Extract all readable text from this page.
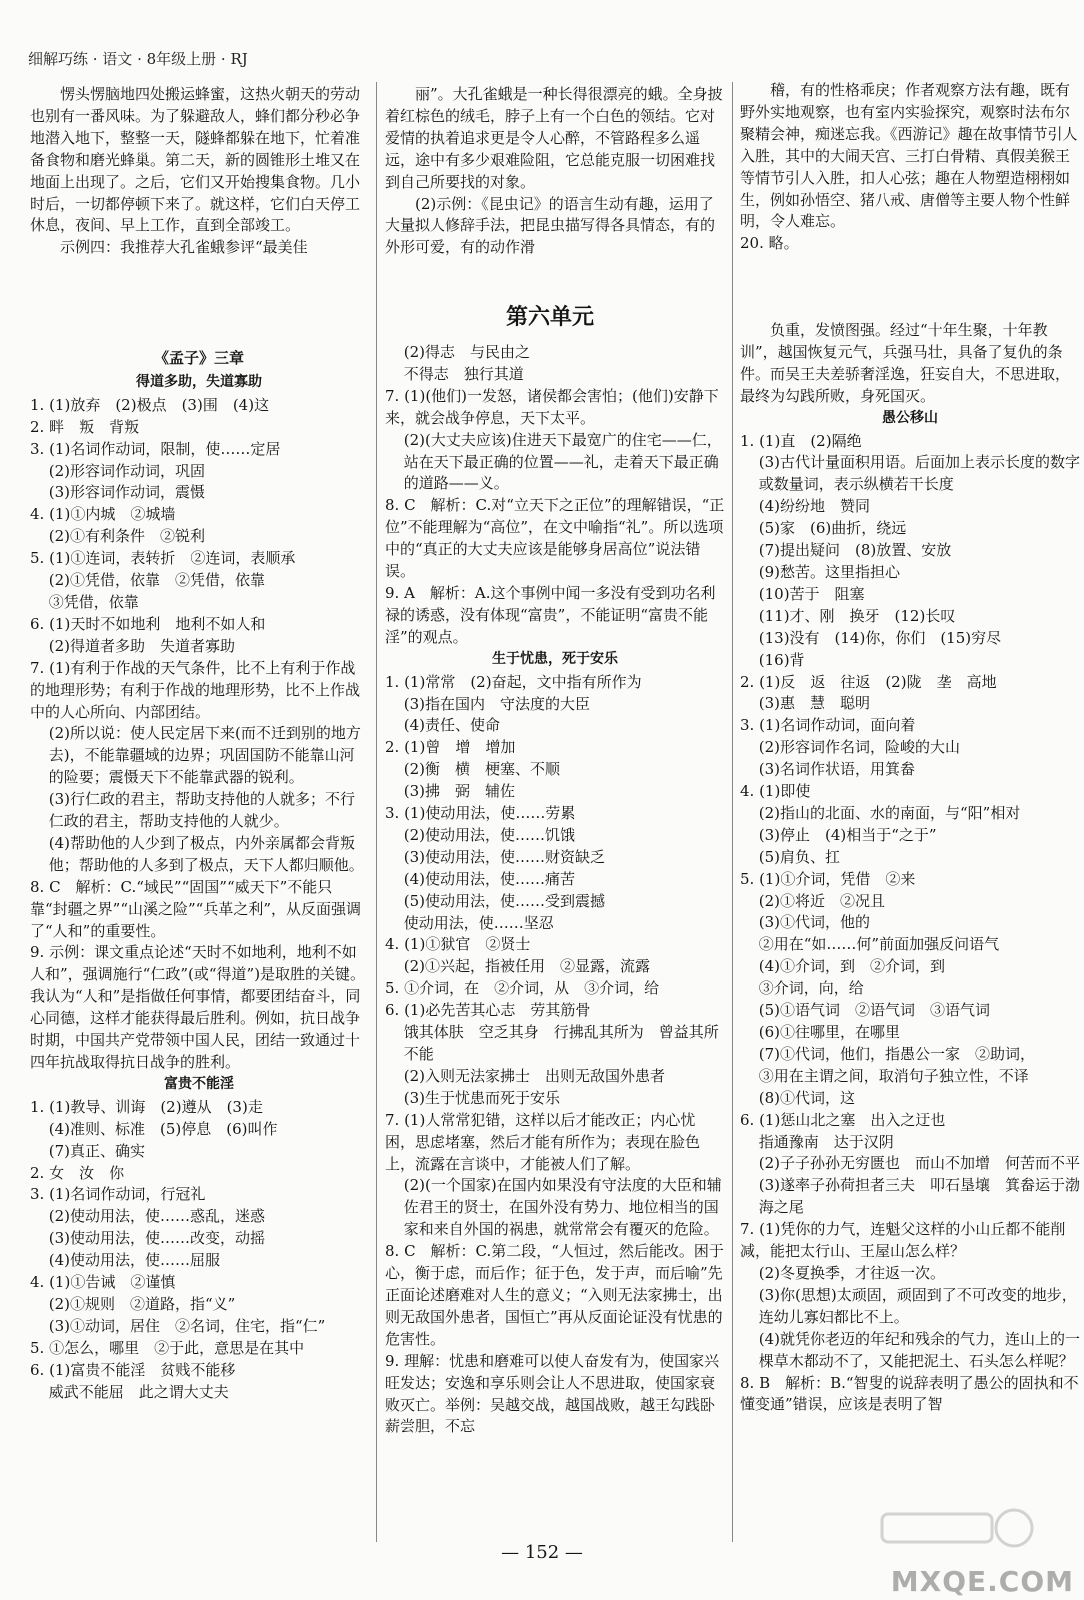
细解巧练 · 语文 · 8年级上册 · RJ

愣头愣脑地四处搬运蜂蜜，这热火朝天的劳动也别有一番风味。为了躲避敌人，蜂们都分秒必争地潜入地下，整整一天，隧蜂都躲在地下，忙着准备食物和磨光蜂巢。第二天，新的圆锥形土堆又在地面上出现了。之后，它们又开始搜集食物。几小时后，一切都停顿下来了。就这样，它们白天停工休息，夜间、早上工作，直到全部竣工。

示例四：我推荐大孔雀蛾参评“最美佳

丽”。大孔雀蛾是一种长得很漂亮的蛾。全身披着红棕色的绒毛，脖子上有一个白色的领结。它对爱情的执着追求更是令人心醉，不管路程多么遥远，途中有多少艰难险阻，它总能克服一切困难找到自己所要找的对象。

(2)示例：《昆虫记》的语言生动有趣，运用了大量拟人修辞手法，把昆虫描写得各具情态，有的外形可爱，有的动作滑

稽，有的性格乖戾；作者观察方法有趣，既有野外实地观察，也有室内实验探究，观察时法布尔聚精会神，痴迷忘我。《西游记》趣在故事情节引人入胜，其中的大闹天宫、三打白骨精、真假美猴王等情节引人入胜，扣人心弦；趣在人物塑造栩栩如生，例如孙悟空、猪八戒、唐僧等主要人物个性鲜明，令人难忘。

20. 略。

第六单元
《孟子》三章
得道多助，失道寡助

1. (1)放弃　(2)极点　(3)围　(4)这

2. 畔　叛　背叛

3. (1)名词作动词，限制，使……定居

(2)形容词作动词，巩固

(3)形容词作动词，震慑

4. (1)①内城　②城墙

(2)①有利条件　②锐利

5. (1)①连词，表转折　②连词，表顺承

(2)①凭借，依靠　②凭借，依靠

③凭借，依靠

6. (1)天时不如地利　地利不如人和

(2)得道者多助　失道者寡助

7. (1)有利于作战的天气条件，比不上有利于作战的地理形势；有利于作战的地理形势，比不上作战中的人心所向、内部团结。

(2)所以说：使人民定居下来(而不迁到别的地方去)，不能靠疆域的边界；巩固国防不能靠山河的险要；震慑天下不能靠武器的锐利。

(3)行仁政的君主，帮助支持他的人就多；不行仁政的君主，帮助支持他的人就少。

(4)帮助他的人少到了极点，内外亲属都会背叛他；帮助他的人多到了极点，天下人都归顺他。

8. C　解析：C.“域民”“固国”“威天下”不能只靠“封疆之界”“山溪之险”“兵革之利”，从反面强调了“人和”的重要性。

9. 示例：课文重点论述“天时不如地利，地利不如人和”，强调施行“仁政”(或“得道”)是取胜的关键。我认为“人和”是指做任何事情，都要团结奋斗，同心同德，这样才能获得最后胜利。例如，抗日战争时期，中国共产党带领中国人民，团结一致通过十四年抗战取得抗日战争的胜利。

富贵不能淫

1. (1)教导、训诲　(2)遵从　(3)走

(4)准则、标准　(5)停息　(6)叫作

(7)真正、确实

2. 女　汝　你

3. (1)名词作动词，行冠礼

(2)使动用法，使……惑乱，迷惑

(3)使动用法，使……改变，动摇

(4)使动用法，使……屈服

4. (1)①告诫　②谨慎

(2)①规则　②道路，指“义”

(3)①动词，居住　②名词，住宅，指“仁”

5. ①怎么，哪里　②于此，意思是在其中

6. (1)富贵不能淫　贫贱不能移

威武不能屈　此之谓大丈夫

(2)得志　与民由之

不得志　独行其道

7. (1)(他们)一发怒，诸侯都会害怕；(他们)安静下来，就会战争停息，天下太平。

(2)(大丈夫应该)住进天下最宽广的住宅——仁，站在天下最正确的位置——礼，走着天下最正确的道路——义。

8. C　解析：C.对“立天下之正位”的理解错误，“正位”不能理解为“高位”，在文中喻指“礼”。所以选项中的“真正的大丈夫应该是能够身居高位”说法错误。

9. A　解析：A.这个事例中闻一多没有受到功名利禄的诱惑，没有体现“富贵”，不能证明“富贵不能淫”的观点。

生于忧患，死于安乐

1. (1)常常　(2)奋起，文中指有所作为

(3)指在国内　守法度的大臣

(4)责任、使命

2. (1)曾　增　增加

(2)衡　横　梗塞、不顺

(3)拂　弼　辅佐

3. (1)使动用法，使……劳累

(2)使动用法，使……饥饿

(3)使动用法，使……财资缺乏

(4)使动用法，使……痛苦

(5)使动用法，使……受到震撼

使动用法，使……坚忍

4. (1)①狱官　②贤士

(2)①兴起，指被任用　②显露，流露

5. ①介词，在　②介词，从　③介词，给

6. (1)必先苦其心志　劳其筋骨

饿其体肤　空乏其身　行拂乱其所为　曾益其所不能

(2)入则无法家拂士　出则无敌国外患者

(3)生于忧患而死于安乐

7. (1)人常常犯错，这样以后才能改正；内心忧困，思虑堵塞，然后才能有所作为；表现在脸色上，流露在言谈中，才能被人们了解。

(2)(一个国家)在国内如果没有守法度的大臣和辅佐君王的贤士，在国外没有势力、地位相当的国家和来自外国的祸患，就常常会有覆灭的危险。

8. C　解析：C.第二段，“人恒过，然后能改。困于心，衡于虑，而后作；征于色，发于声，而后喻”先正面论述磨难对人生的意义；“入则无法家拂士，出则无敌国外患者，国恒亡”再从反面论证没有忧患的危害性。

9. 理解：忧患和磨难可以使人奋发有为，使国家兴旺发达；安逸和享乐则会让人不思进取，使国家衰败灭亡。举例：吴越交战，越国战败，越王勾践卧薪尝胆，不忘

负重，发愤图强。经过“十年生聚，十年教训”，越国恢复元气，兵强马壮，具备了复仇的条件。而吴王夫差骄奢淫逸，狂妄自大，不思进取，最终为勾践所败，身死国灭。

愚公移山

1. (1)直　(2)隔绝

(3)古代计量面积用语。后面加上表示长度的数字或数量词，表示纵横若干长度

(4)纷纷地　赞同

(5)家　(6)曲折，绕远

(7)提出疑问　(8)放置、安放

(9)愁苦。这里指担心

(10)苦于　阻塞

(11)才、刚　换牙　(12)长叹

(13)没有　(14)你，你们　(15)穷尽

(16)背

2. (1)反　返　往返　(2)陇　垄　高地

(3)惠　慧　聪明

3. (1)名词作动词，面向着

(2)形容词作名词，险峻的大山

(3)名词作状语，用箕畚

4. (1)即使

(2)指山的北面、水的南面，与“阳”相对

(3)停止　(4)相当于“之于”

(5)肩负、扛

5. (1)①介词，凭借　②来

(2)①将近　②况且

(3)①代词，他的

②用在“如……何”前面加强反问语气

(4)①介词，到　②介词，到

③介词，向，给

(5)①语气词　②语气词　③语气词

(6)①往哪里，在哪里

(7)①代词，他们，指愚公一家　②助词，

③用在主谓之间，取消句子独立性，不译

(8)①代词，这

6. (1)惩山北之塞　出入之迂也

指通豫南　达于汉阴

(2)子子孙孙无穷匮也　而山不加增　何苦而不平

(3)遂率子孙荷担者三夫　叩石垦壤　箕畚运于渤海之尾

7. (1)凭你的力气，连魁父这样的小山丘都不能削减，能把太行山、王屋山怎么样？

(2)冬夏换季，才往返一次。

(3)你(思想)太顽固，顽固到了不可改变的地步，连幼儿寡妇都比不上。

(4)就凭你老迈的年纪和残余的气力，连山上的一棵草木都动不了，又能把泥土、石头怎么样呢？

8. B　解析：B.“智叟的说辞表明了愚公的固执和不懂变通”错误，应该是表明了智

— 152 —
MXQE.COM
